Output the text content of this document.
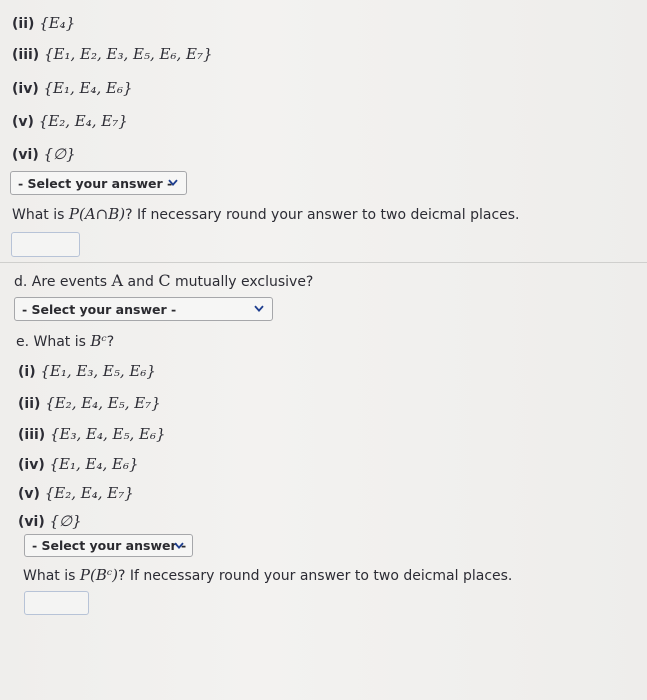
(ii) {E₄}
(iii) {E₁, E₂, E₃, E₅, E₆, E₇}
(iv) {E₁, E₄, E₆}
(v) {E₂, E₄, E₇}
(vi) {∅}
- Select your answer -
What is P(A∩B)? If necessary round your answer to two deicmal places.
d. Are events A and C mutually exclusive?
- Select your answer -
e. What is Bᶜ?
(i) {E₁, E₃, E₅, E₆}
(ii) {E₂, E₄, E₅, E₇}
(iii) {E₃, E₄, E₅, E₆}
(iv) {E₁, E₄, E₆}
(v) {E₂, E₄, E₇}
(vi) {∅}
- Select your answer -
What is P(Bᶜ)? If necessary round your answer to two deicmal places.
